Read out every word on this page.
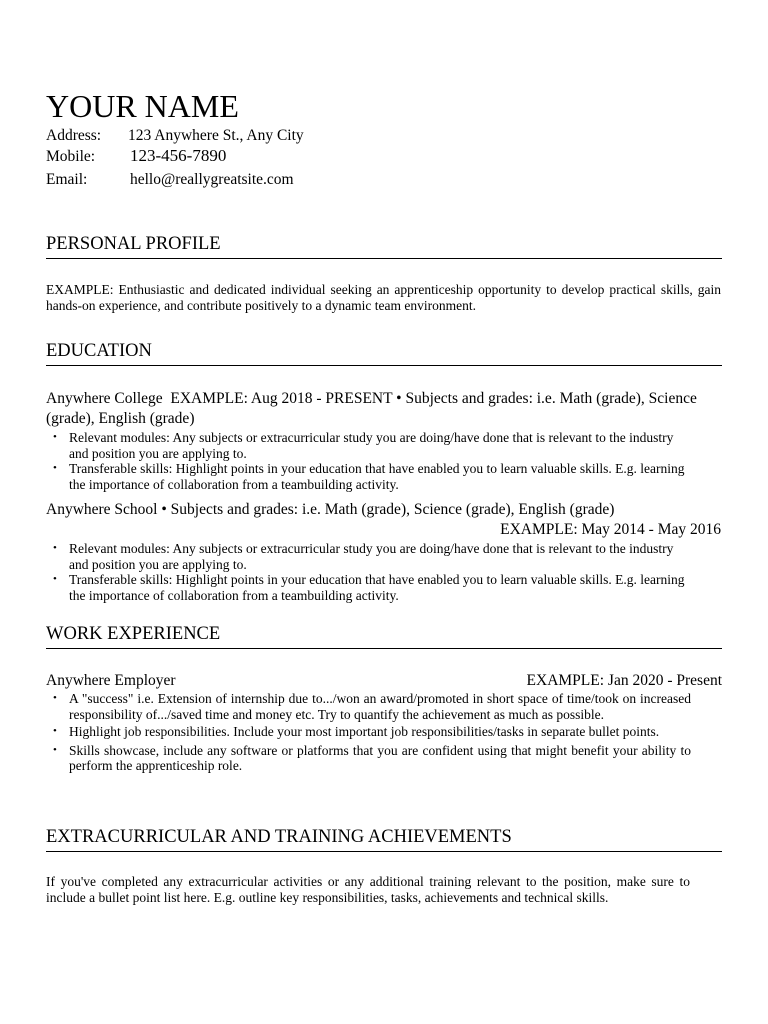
YOUR NAME
Address: 123 Anywhere St., Any City
Mobile: 123-456-7890
Email:	hello@reallygreatsite.com
PERSONAL PROFILE
EXAMPLE: Enthusiastic and dedicated individual seeking an apprenticeship opportunity to develop practical skills, gain hands-on experience, and contribute positively to a dynamic team environment.
EDUCATION
Anywhere College  EXAMPLE: Aug 2018 - PRESENT • Subjects and grades: i.e. Math (grade), Science (grade), English (grade)
• Relevant modules: Any subjects or extracurricular study you are doing/have done that is relevant to the industry and position you are applying to.
• Transferable skills: Highlight points in your education that have enabled you to learn valuable skills. E.g. learning the importance of collaboration from a teambuilding activity.
Anywhere School • Subjects and grades: i.e. Math (grade), Science (grade), English (grade)
EXAMPLE: May 2014 - May 2016
• Relevant modules: Any subjects or extracurricular study you are doing/have done that is relevant to the industry and position you are applying to.
• Transferable skills: Highlight points in your education that have enabled you to learn valuable skills. E.g. learning the importance of collaboration from a teambuilding activity.
WORK EXPERIENCE
Anywhere Employer	EXAMPLE: Jan 2020 - Present
• A "success" i.e. Extension of internship due to.../won an award/promoted in short space of time/took on increased responsibility of.../saved time and money etc. Try to quantify the achievement as much as possible.
• Highlight job responsibilities. Include your most important job responsibilities/tasks in separate bullet points.
• Skills showcase, include any software or platforms that you are confident using that might benefit your ability to perform the apprenticeship role.
EXTRACURRICULAR AND TRAINING ACHIEVEMENTS
If you've completed any extracurricular activities or any additional training relevant to the position, make sure to include a bullet point list here. E.g. outline key responsibilities, tasks, achievements and technical skills.
